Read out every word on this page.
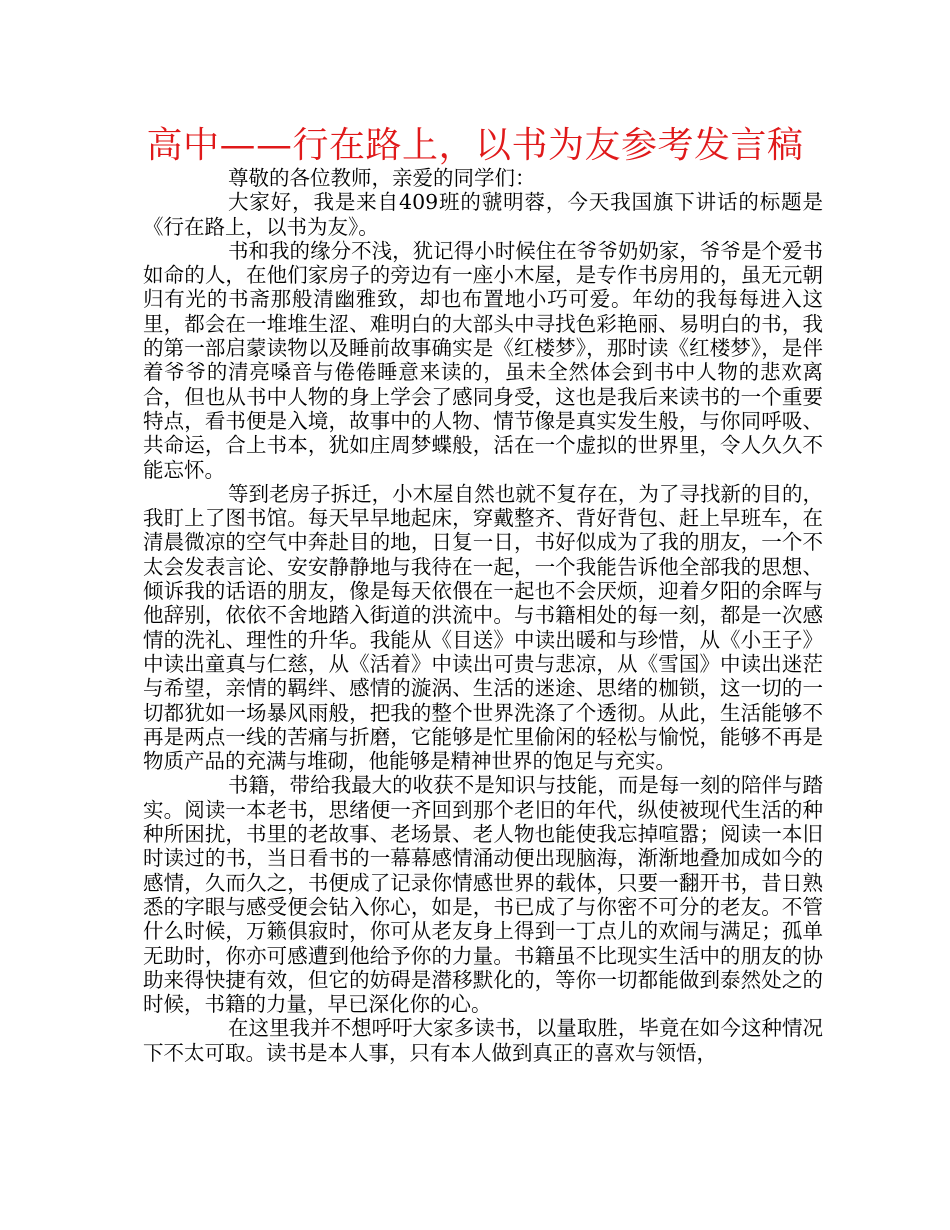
高中——行在路上，以书为友参考发言稿

尊敬的各位教师，亲爱的同学们：

大家好，我是来自409班的虢明蓉，今天我国旗下讲话的标题是《行在路上，以书为友》。

书和我的缘分不浅，犹记得小时候住在爷爷奶奶家，爷爷是个爱书如命的人，在他们家房子的旁边有一座小木屋，是专作书房用的，虽无元朝归有光的书斋那般清幽雅致，却也布置地小巧可爱。年幼的我每每进入这里，都会在一堆堆生涩、难明白的大部头中寻找色彩艳丽、易明白的书，我的第一部启蒙读物以及睡前故事确实是《红楼梦》，那时读《红楼梦》，是伴着爷爷的清亮嗓音与倦倦睡意来读的，虽未全然体会到书中人物的悲欢离合，但也从书中人物的身上学会了感同身受，这也是我后来读书的一个重要特点，看书便是入境，故事中的人物、情节像是真实发生般，与你同呼吸、共命运，合上书本，犹如庄周梦蝶般，活在一个虚拟的世界里，令人久久不能忘怀。

等到老房子拆迁，小木屋自然也就不复存在，为了寻找新的目的，我盯上了图书馆。每天早早地起床，穿戴整齐、背好背包、赶上早班车，在清晨微凉的空气中奔赴目的地，日复一日，书好似成为了我的朋友，一个不太会发表言论、安安静静地与我待在一起，一个我能告诉他全部我的思想、倾诉我的话语的朋友，像是每天依偎在一起也不会厌烦，迎着夕阳的余晖与他辞别，依依不舍地踏入街道的洪流中。与书籍相处的每一刻，都是一次感情的洗礼、理性的升华。我能从《目送》中读出暖和与珍惜，从《小王子》中读出童真与仁慈，从《活着》中读出可贵与悲凉，从《雪国》中读出迷茫与希望，亲情的羁绊、感情的漩涡、生活的迷途、思绪的枷锁，这一切的一切都犹如一场暴风雨般，把我的整个世界洗涤了个透彻。从此，生活能够不再是两点一线的苦痛与折磨，它能够是忙里偷闲的轻松与愉悦，能够不再是物质产品的充满与堆砌，他能够是精神世界的饱足与充实。

书籍，带给我最大的收获不是知识与技能，而是每一刻的陪伴与踏实。阅读一本老书，思绪便一齐回到那个老旧的年代，纵使被现代生活的种种所困扰，书里的老故事、老场景、老人物也能使我忘掉喧嚣；阅读一本旧时读过的书，当日看书的一幕幕感情涌动便出现脑海，渐渐地叠加成如今的感情，久而久之，书便成了记录你情感世界的载体，只要一翻开书，昔日熟悉的字眼与感受便会钻入你心，如是，书已成了与你密不可分的老友。不管什么时候，万籁俱寂时，你可从老友身上得到一丁点儿的欢闹与满足；孤单无助时，你亦可感遭到他给予你的力量。书籍虽不比现实生活中的朋友的协助来得快捷有效，但它的妨碍是潜移默化的，等你一切都能做到泰然处之的时候，书籍的力量，早已深化你的心。

在这里我并不想呼吁大家多读书，以量取胜，毕竟在如今这种情况下不太可取。读书是本人事，只有本人做到真正的喜欢与领悟，
